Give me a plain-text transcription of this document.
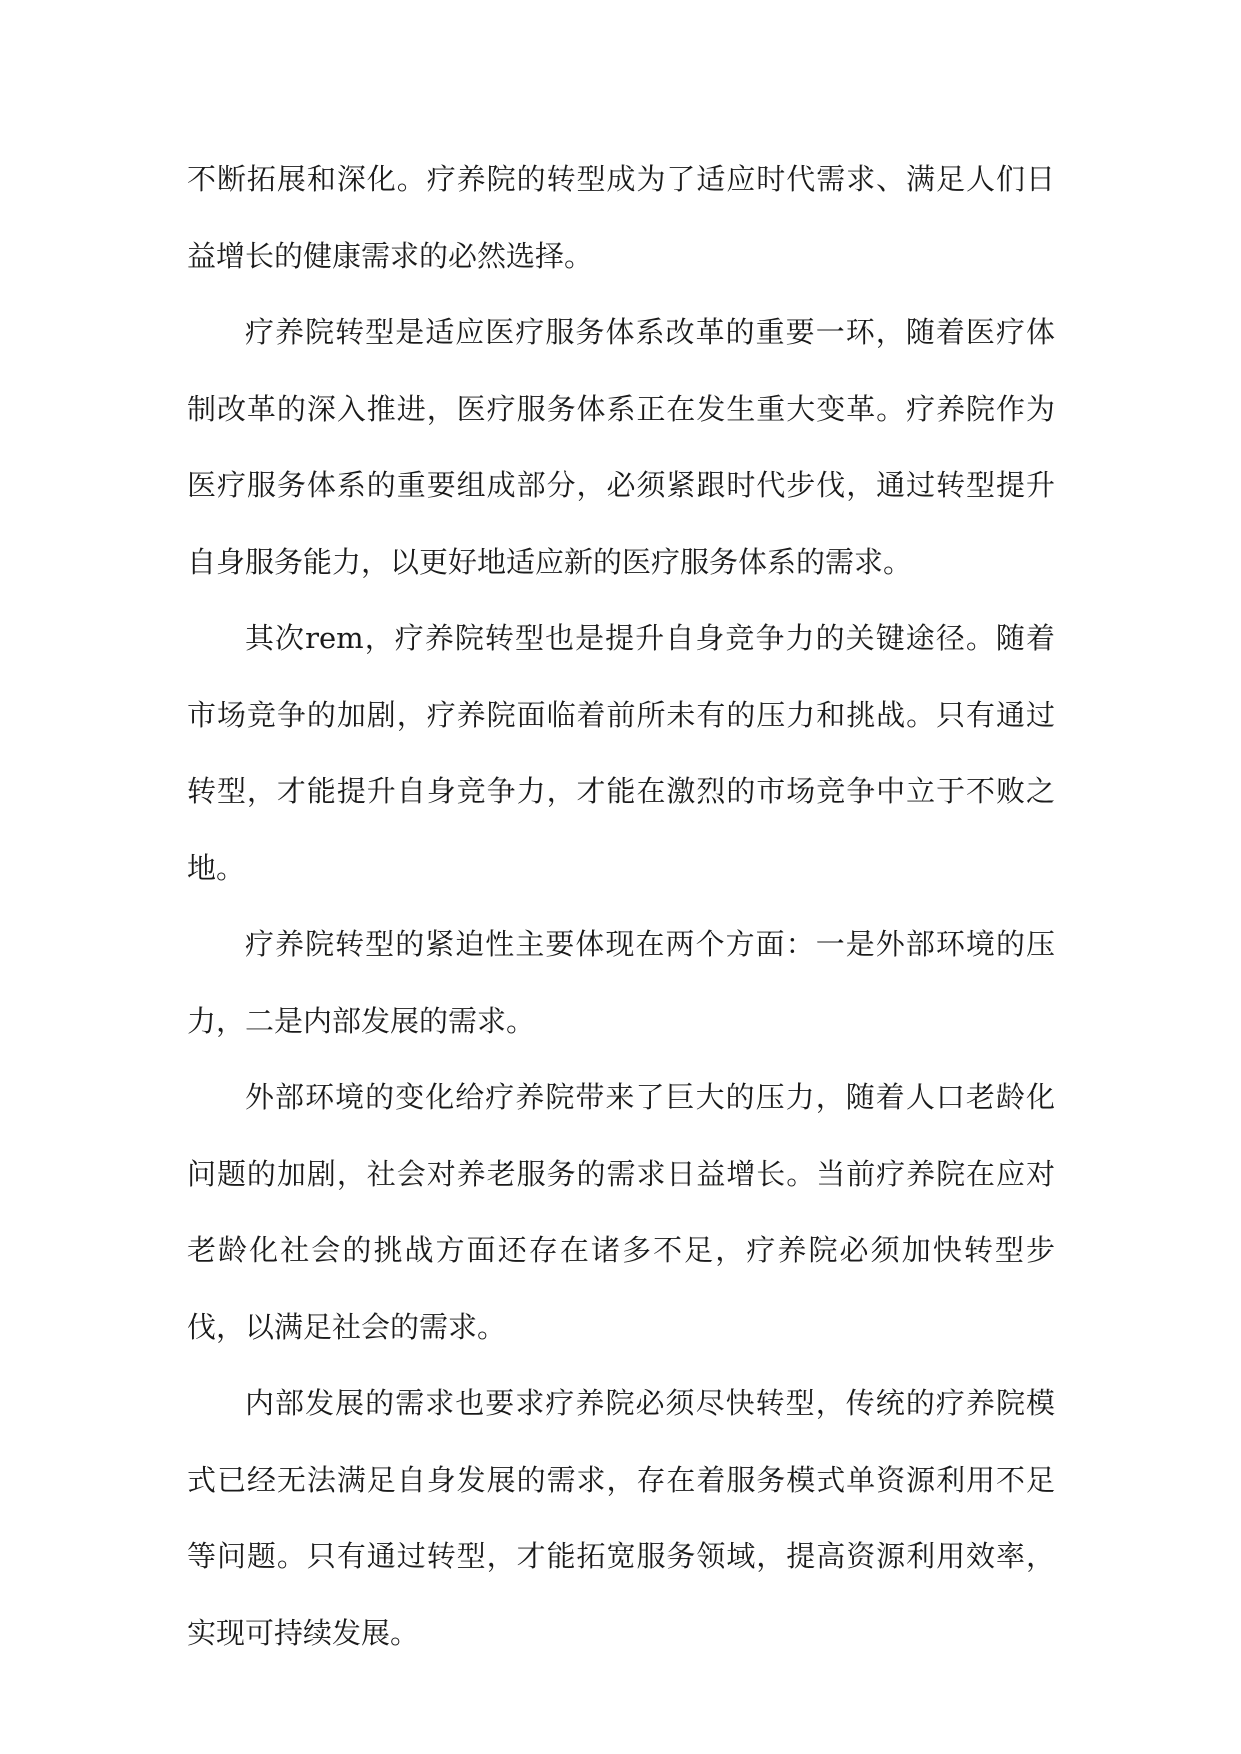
不断拓展和深化。疗养院的转型成为了适应时代需求、满足人们日益增长的健康需求的必然选择。

疗养院转型是适应医疗服务体系改革的重要一环，随着医疗体制改革的深入推进，医疗服务体系正在发生重大变革。疗养院作为医疗服务体系的重要组成部分，必须紧跟时代步伐，通过转型提升自身服务能力，以更好地适应新的医疗服务体系的需求。

其次rem，疗养院转型也是提升自身竞争力的关键途径。随着市场竞争的加剧，疗养院面临着前所未有的压力和挑战。只有通过转型，才能提升自身竞争力，才能在激烈的市场竞争中立于不败之地。

疗养院转型的紧迫性主要体现在两个方面：一是外部环境的压力，二是内部发展的需求。

外部环境的变化给疗养院带来了巨大的压力，随着人口老龄化问题的加剧，社会对养老服务的需求日益增长。当前疗养院在应对老龄化社会的挑战方面还存在诸多不足，疗养院必须加快转型步伐，以满足社会的需求。

内部发展的需求也要求疗养院必须尽快转型，传统的疗养院模式已经无法满足自身发展的需求，存在着服务模式单资源利用不足等问题。只有通过转型，才能拓宽服务领域，提高资源利用效率，实现可持续发展。
